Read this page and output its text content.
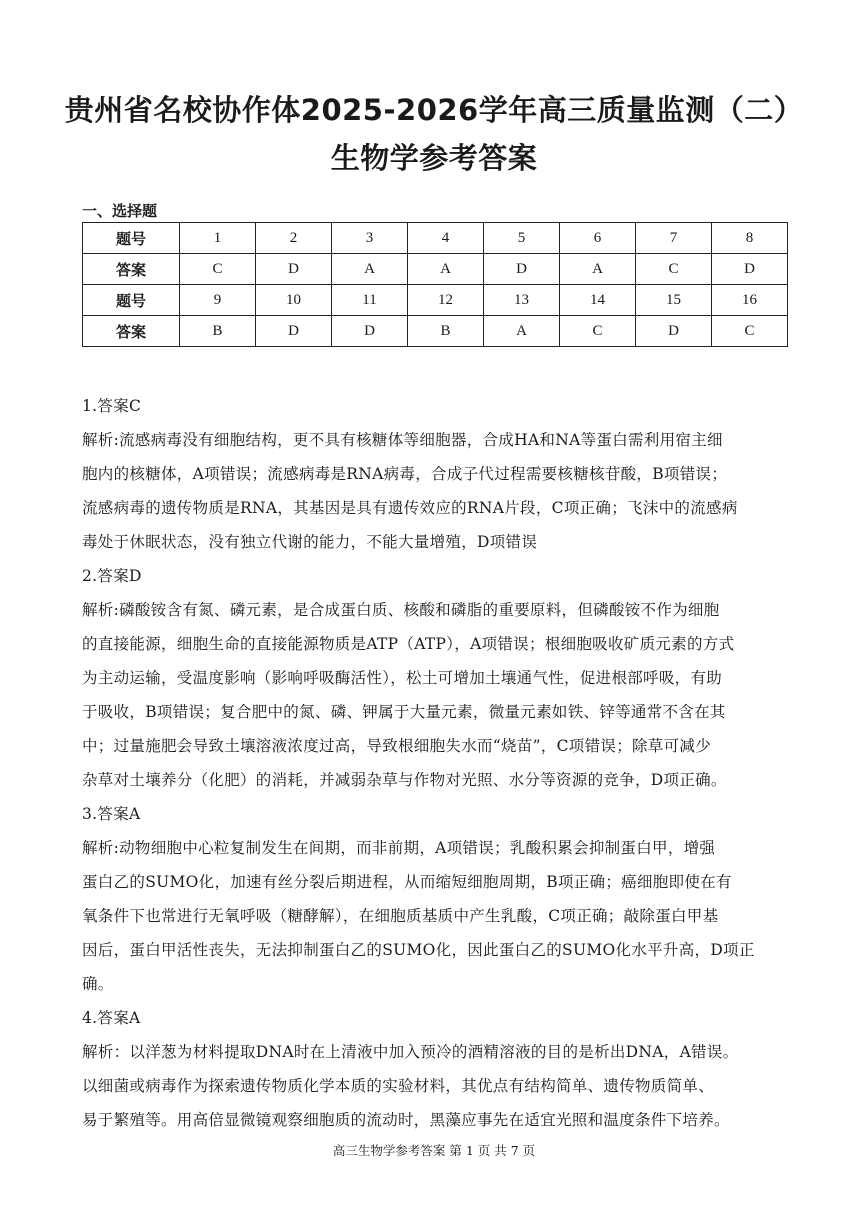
贵州省名校协作体2025-2026学年高三质量监测（二）
生物学参考答案
一、选择题
题号	1	2	3	4	5	6	7	8
答案	C	D	A	A	D	A	C	D
题号	9	10	11	12	13	14	15	16
答案	B	D	D	B	A	C	D	C
1.答案C
解析:流感病毒没有细胞结构，更不具有核糖体等细胞器，合成HA和NA等蛋白需利用宿主细
胞内的核糖体，A项错误；流感病毒是RNA病毒，合成子代过程需要核糖核苷酸，B项错误；
流感病毒的遗传物质是RNA，其基因是具有遗传效应的RNA片段，C项正确；飞沫中的流感病
毒处于休眠状态，没有独立代谢的能力，不能大量增殖，D项错误
2.答案D
解析:磷酸铵含有氮、磷元素，是合成蛋白质、核酸和磷脂的重要原料，但磷酸铵不作为细胞
的直接能源，细胞生命的直接能源物质是ATP（ATP），A项错误；根细胞吸收矿质元素的方式
为主动运输，受温度影响（影响呼吸酶活性），松土可增加土壤通气性，促进根部呼吸，有助
于吸收，B项错误；复合肥中的氮、磷、钾属于大量元素，微量元素如铁、锌等通常不含在其
中；过量施肥会导致土壤溶液浓度过高，导致根细胞失水而“烧苗”，C项错误；除草可减少
杂草对土壤养分（化肥）的消耗，并减弱杂草与作物对光照、水分等资源的竞争，D项正确。
3.答案A
解析:动物细胞中心粒复制发生在间期，而非前期，A项错误；乳酸积累会抑制蛋白甲，增强
蛋白乙的SUMO化，加速有丝分裂后期进程，从而缩短细胞周期，B项正确；癌细胞即使在有
氧条件下也常进行无氧呼吸（糖酵解），在细胞质基质中产生乳酸，C项正确；敲除蛋白甲基
因后，蛋白甲活性丧失，无法抑制蛋白乙的SUMO化，因此蛋白乙的SUMO化水平升高，D项正
确。
4.答案A
解析：以洋葱为材料提取DNA时在上清液中加入预冷的酒精溶液的目的是析出DNA，A错误。
以细菌或病毒作为探索遗传物质化学本质的实验材料，其优点有结构简单、遗传物质简单、
易于繁殖等。用高倍显微镜观察细胞质的流动时，黑藻应事先在适宜光照和温度条件下培养。
高三生物学参考答案 第 1 页 共 7 页
